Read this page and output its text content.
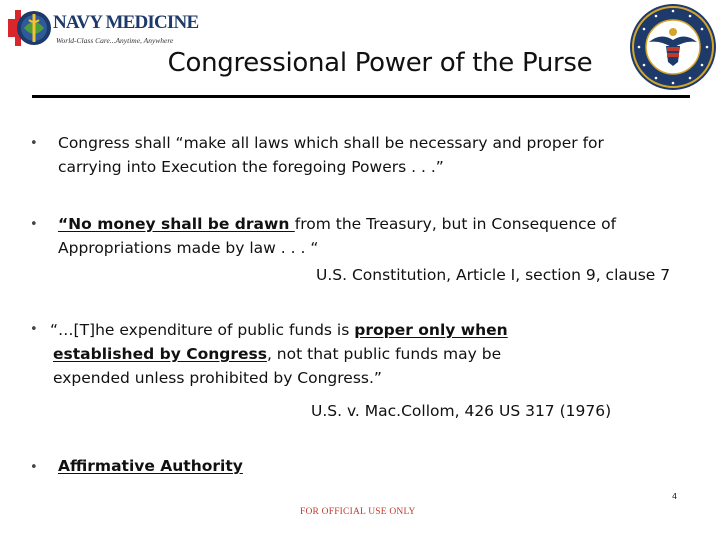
NAVY MEDICINE
World-Class Care...Anytime, Anywhere
Congressional Power of the Purse
• Congress shall “make all laws which shall be necessary and proper for
carrying into Execution the foregoing Powers . . .”
• “No money shall be drawn from the Treasury, but in Consequence of
Appropriations made by law . . . “
U.S. Constitution, Article I, section 9, clause 7
• “…[T]he expenditure of public funds is proper only when
established by Congress, not that public funds may be
expended unless prohibited by Congress.”
U.S. v. Mac.Collom, 426 US 317 (1976)
• Affirmative Authority
4
FOR OFFICIAL USE ONLY
